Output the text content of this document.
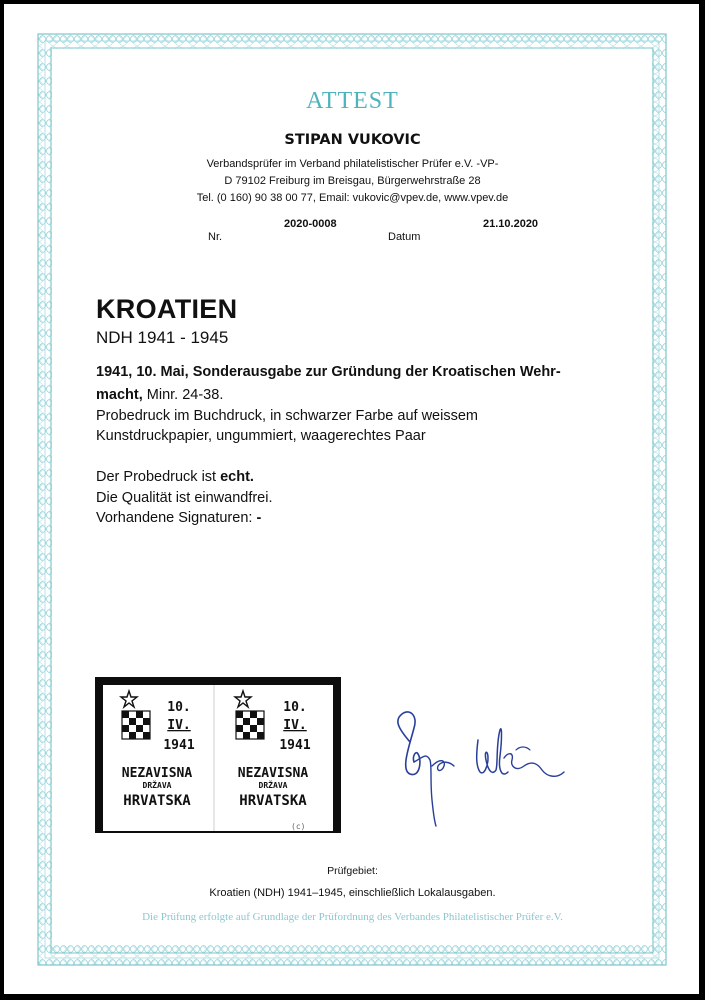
ATTEST
STIPAN VUKOVIC
Verbandsprüfer im Verband philatelistischer Prüfer e.V. -VP-
D 79102 Freiburg im Breisgau, Bürgerwehrstraße 28
Tel. (0 160) 90 38 00 77, Email: vukovic@vpev.de, www.vpev.de
2020-0008	21.10.2020
Nr.	Datum
KROATIEN
NDH 1941 - 1945
1941, 10. Mai, Sonderausgabe zur Gründung der Kroatischen Wehr-
macht, Minr. 24-38.
Probedruck im Buchdruck, in schwarzer Farbe auf weissem
Kunstdruckpapier, ungummiert, waagerechtes Paar
Der Probedruck ist echt.
Die Qualität ist einwandfrei.
Vorhandene Signaturen: -
10.
IV.
1941
NEZAVISNA
DRŽAVA
HRVATSKA
10.
IV.
1941
NEZAVISNA
DRŽAVA
HRVATSKA
(c)
Prüfgebiet:
Kroatien (NDH) 1941–1945, einschließlich Lokalausgaben.
Die Prüfung erfolgte auf Grundlage der Prüfordnung des Verbandes Philatelistischer Prüfer e.V.
